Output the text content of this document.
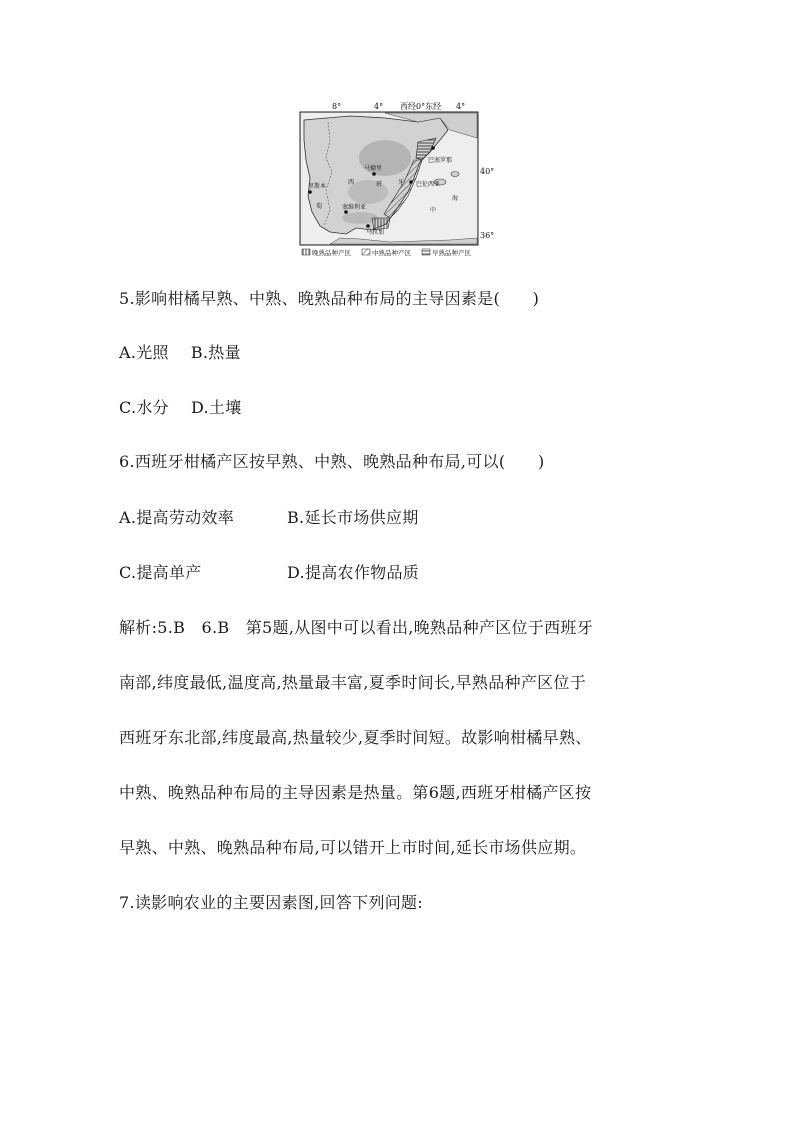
8°	4° 西经0°东经 4°
40°
36°
马德里
巴塞罗那
巴伦西亚
里斯本
塞维利亚
马拉加
西	班	牙
萄
中
海
晚熟品种产区	中熟品种产区	早熟品种产区
5.影响柑橘早熟、中熟、晚熟品种布局的主导因素是(　　)
A.光照 B.热量
C.水分 D.土壤
6.西班牙柑橘产区按早熟、中熟、晚熟品种布局,可以(　　)
A.提高劳动效率	B.延长市场供应期
C.提高单产	D.提高农作物品质
解析:5.B　6.B　第5题,从图中可以看出,晚熟品种产区位于西班牙
南部,纬度最低,温度高,热量最丰富,夏季时间长,早熟品种产区位于
西班牙东北部,纬度最高,热量较少,夏季时间短。故影响柑橘早熟、
中熟、晚熟品种布局的主导因素是热量。第6题,西班牙柑橘产区按
早熟、中熟、晚熟品种布局,可以错开上市时间,延长市场供应期。
7.读影响农业的主要因素图,回答下列问题:
